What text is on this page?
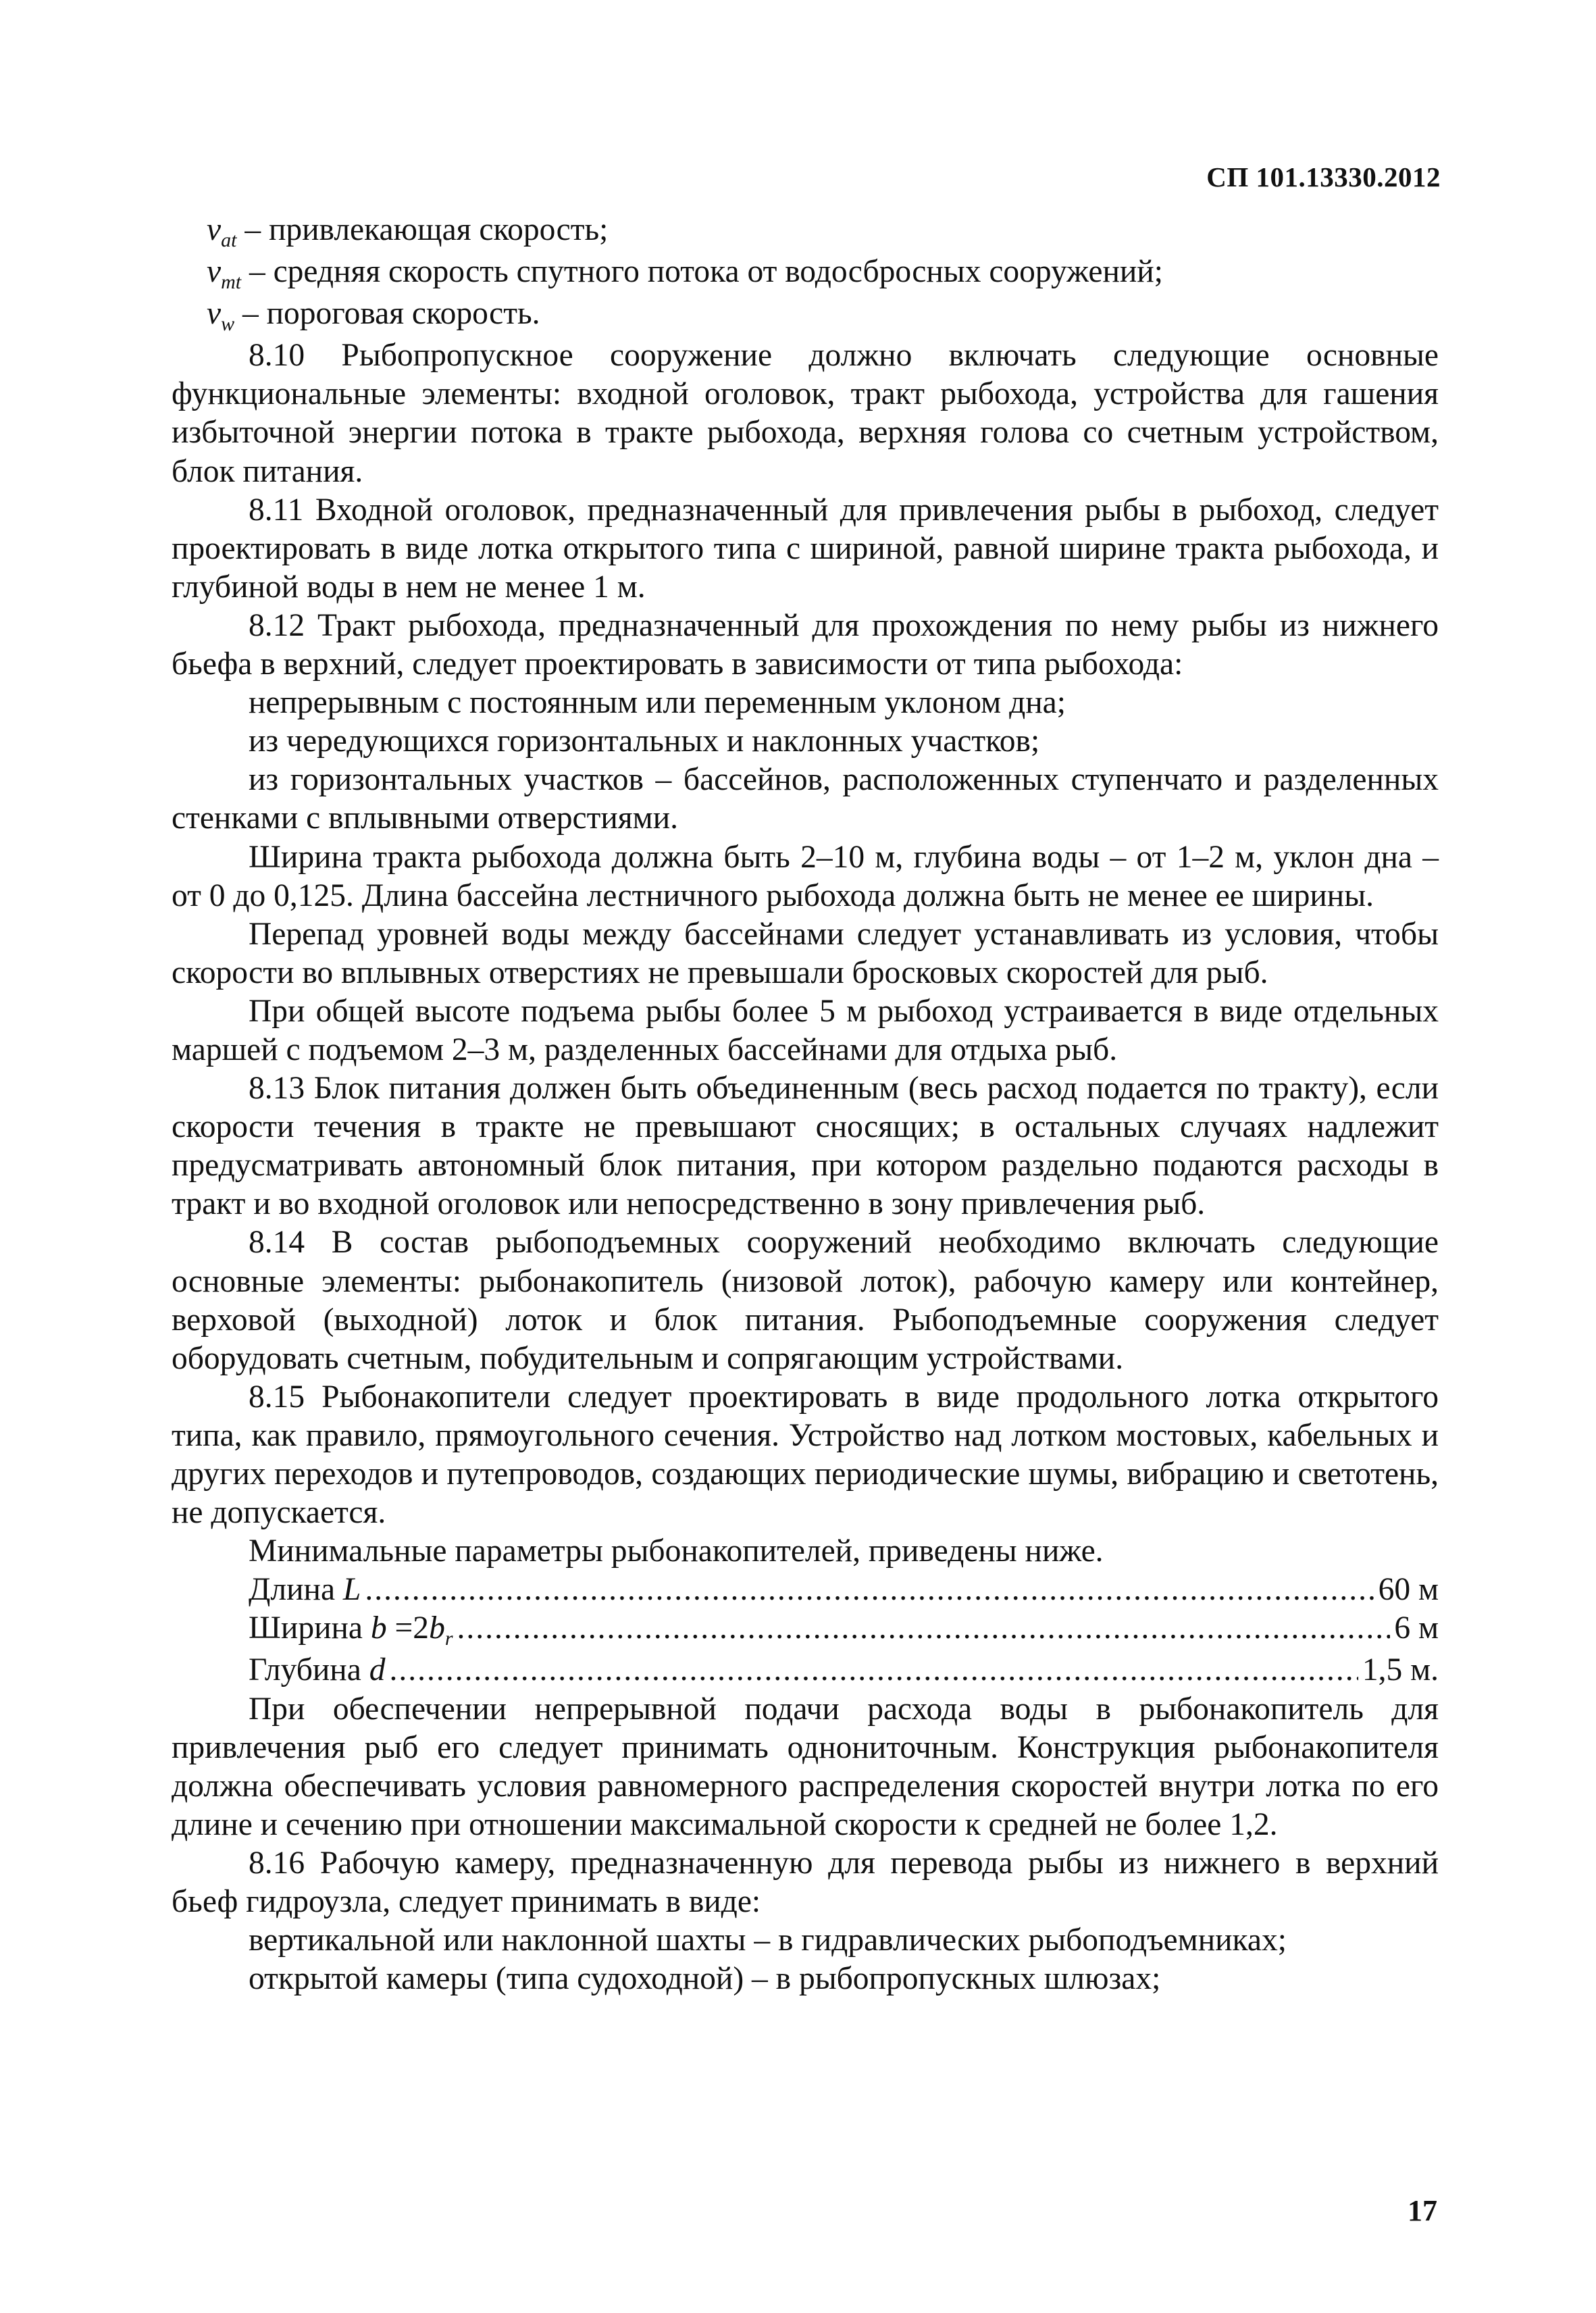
СП 101.13330.2012

$v_{at}$ – привлекающая скорость;

$v_{mt}$ – средняя скорость спутного потока от водосбросных сооружений;

$v_w$ – пороговая скорость.

8.10 Рыбопропускное сооружение должно включать следующие основные функциональные элементы: входной оголовок, тракт рыбохода, устройства для гашения избыточной энергии потока в тракте рыбохода, верхняя голова со счетным устройством, блок питания.

8.11 Входной оголовок, предназначенный для привлечения рыбы в рыбоход, следует проектировать в виде лотка открытого типа с шириной, равной ширине тракта рыбохода, и глубиной воды в нем не менее 1 м.

8.12 Тракт рыбохода, предназначенный для прохождения по нему рыбы из нижнего бьефа в верхний, следует проектировать в зависимости от типа рыбохода:

непрерывным с постоянным или переменным уклоном дна;

из чередующихся горизонтальных и наклонных участков;

из горизонтальных участков – бассейнов, расположенных ступенчато и разделенных стенками с вплывными отверстиями.

Ширина тракта рыбохода должна быть 2–10 м, глубина воды – от 1–2 м, уклон дна – от 0 до 0,125. Длина бассейна лестничного рыбохода должна быть не менее ее ширины.

Перепад уровней воды между бассейнами следует устанавливать из условия, чтобы скорости во вплывных отверстиях не превышали бросковых скоростей для рыб.

При общей высоте подъема рыбы более 5 м рыбоход устраивается в виде отдельных маршей с подъемом 2–3 м, разделенных бассейнами для отдыха рыб.

8.13 Блок питания должен быть объединенным (весь расход подается по тракту), если скорости течения в тракте не превышают сносящих; в остальных случаях надлежит предусматривать автономный блок питания, при котором раздельно подаются расходы в тракт и во входной оголовок или непосредственно в зону привлечения рыб.

8.14 В состав рыбоподъемных сооружений необходимо включать следующие основные элементы: рыбонакопитель (низовой лоток), рабочую камеру или контейнер, верховой (выходной) лоток и блок питания. Рыбоподъемные сооружения следует оборудовать счетным, побудительным и сопрягающим устройствами.

8.15 Рыбонакопители следует проектировать в виде продольного лотка открытого типа, как правило, прямоугольного сечения. Устройство над лотком мостовых, кабельных и других переходов и путепроводов, создающих периодические шумы, вибрацию и светотень, не допускается.

Минимальные параметры рыбонакопителей, приведены ниже.

Длина L .....	60 м
Ширина $b =2b_r$ .....	6 м
Глубина d .....	1,5 м.

При обеспечении непрерывной подачи расхода воды в рыбонакопитель для привлечения рыб его следует принимать однониточным. Конструкция рыбонакопителя должна обеспечивать условия равномерного распределения скоростей внутри лотка по его длине и сечению при отношении максимальной скорости к средней не более 1,2.

8.16 Рабочую камеру, предназначенную для перевода рыбы из нижнего в верхний бьеф гидроузла, следует принимать в виде:

вертикальной или наклонной шахты – в гидравлических рыбоподъемниках;

открытой камеры (типа судоходной) – в рыбопропускных шлюзах;

17
